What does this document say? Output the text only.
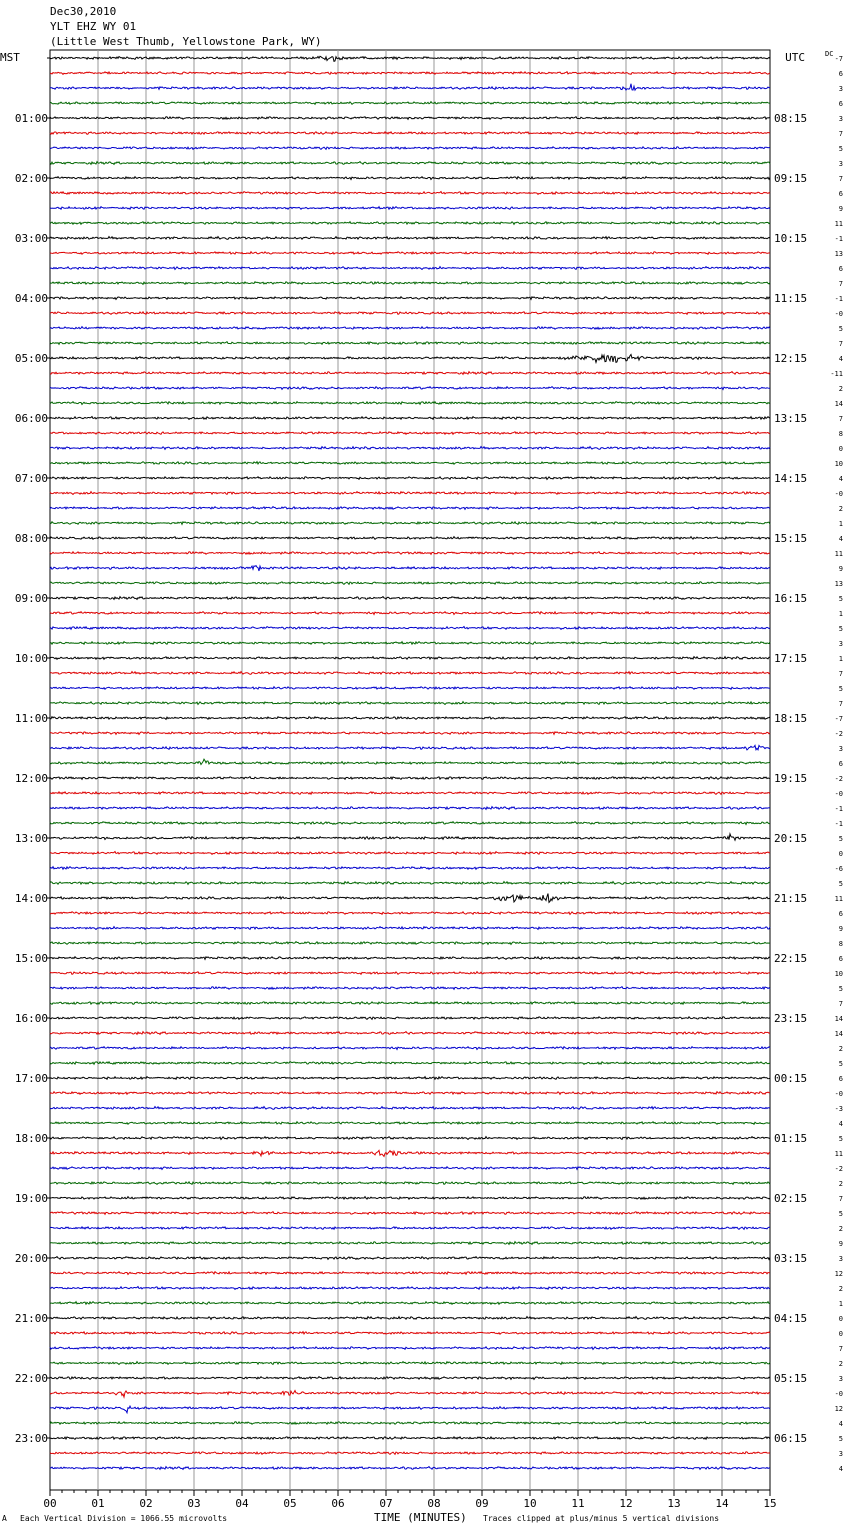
Dec30,2010
YLT EHZ WY 01
(Little West Thumb, Yellowstone Park, WY)
00	01	02	03	04	05	06	07	08	09	10	11	12	13	14	15
MST	UTC	DC
-7
6
3
6
3
01:00	08:15
7
5
3
7
02:00	09:15
6
9
11
-1
03:00	10:15
13
6
7
-1
04:00	11:15
-0
5
7
4
05:00	12:15
-11
2
14
7
06:00	13:15
8
0
10
4
07:00	14:15
-0
2
1
4
08:00	15:15
11
9
13
5
09:00	16:15
1
5
3
1
10:00	17:15
7
5
7
-7
11:00	18:15
-2
3
6
-2
12:00	19:15
-0
-1
-1
5
13:00	20:15
0
-6
5
11
14:00	21:15
6
9
8
6
15:00	22:15
10
5
7
14
16:00	23:15
14
2
5
6
17:00	00:15
-0
-3
4
5
18:00	01:15
11
-2
2
7
19:00	02:15
5
2
9
3
20:00	03:15
12
2
1
0
21:00	04:15
0
7
2
3
22:00	05:15
-0
12
4
5
23:00	06:15
3
4
A Each Vertical Division = 1066.55 microvolts	TIME (MINUTES) Traces clipped at plus/minus 5 vertical divisions
